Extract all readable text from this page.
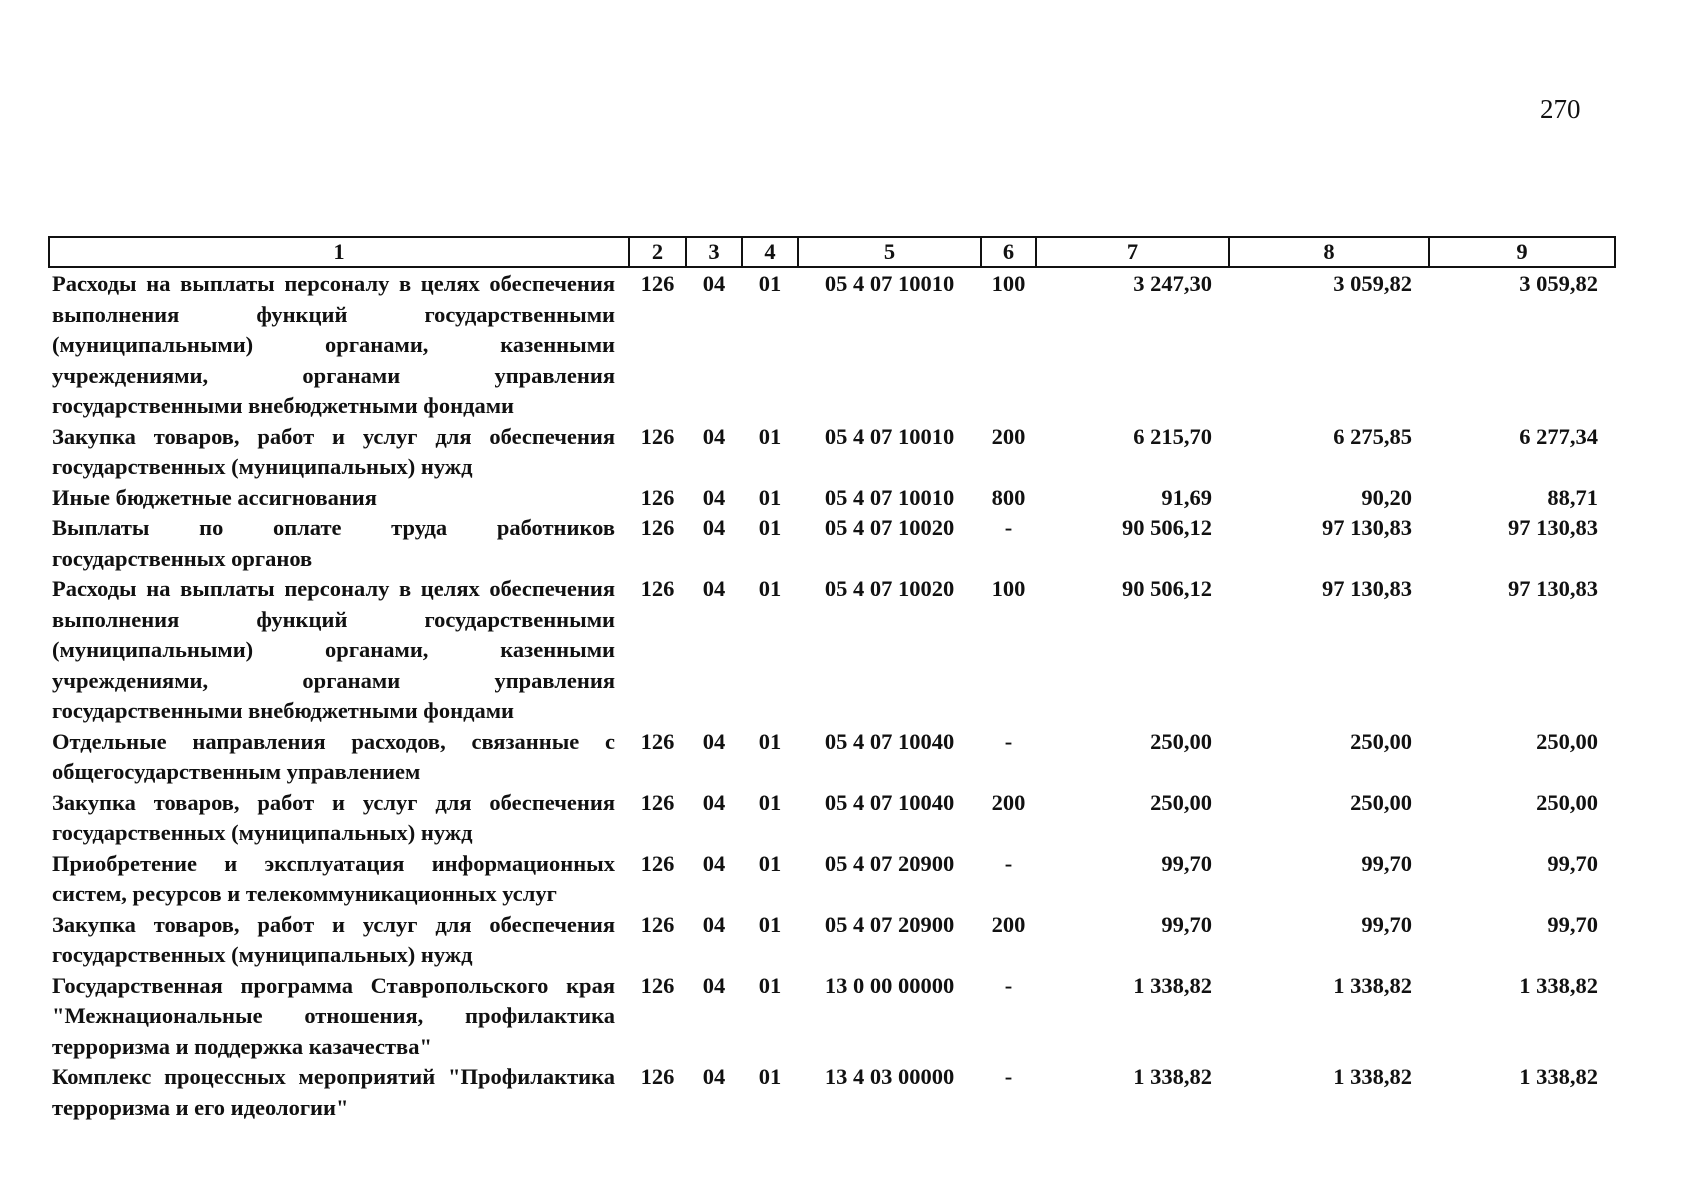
270
1	2	3	4	5	6	7	8	9
Расходы на выплаты персоналу в целях обеспечения выполнения функций государственными (муниципальными) органами, казенными учреждениями, органами управления государственными внебюджетными фондами	126	04	01	05 4 07 10010	100	3 247,30	3 059,82	3 059,82
Закупка товаров, работ и услуг для обеспечения государственных (муниципальных) нужд	126	04	01	05 4 07 10010	200	6 215,70	6 275,85	6 277,34
Иные бюджетные ассигнования	126	04	01	05 4 07 10010	800	91,69	90,20	88,71
Выплаты по оплате труда работников государственных органов	126	04	01	05 4 07 10020	-	90 506,12	97 130,83	97 130,83
Расходы на выплаты персоналу в целях обеспечения выполнения функций государственными (муниципальными) органами, казенными учреждениями, органами управления государственными внебюджетными фондами	126	04	01	05 4 07 10020	100	90 506,12	97 130,83	97 130,83
Отдельные направления расходов, связанные с общегосударственным управлением	126	04	01	05 4 07 10040	-	250,00	250,00	250,00
Закупка товаров, работ и услуг для обеспечения государственных (муниципальных) нужд	126	04	01	05 4 07 10040	200	250,00	250,00	250,00
Приобретение и эксплуатация информационных систем, ресурсов и телекоммуникационных услуг	126	04	01	05 4 07 20900	-	99,70	99,70	99,70
Закупка товаров, работ и услуг для обеспечения государственных (муниципальных) нужд	126	04	01	05 4 07 20900	200	99,70	99,70	99,70
Государственная программа Ставропольского края "Межнациональные отношения, профилактика терроризма и поддержка казачества"	126	04	01	13 0 00 00000	-	1 338,82	1 338,82	1 338,82
Комплекс процессных мероприятий "Профилактика терроризма и его идеологии"	126	04	01	13 4 03 00000	-	1 338,82	1 338,82	1 338,82
